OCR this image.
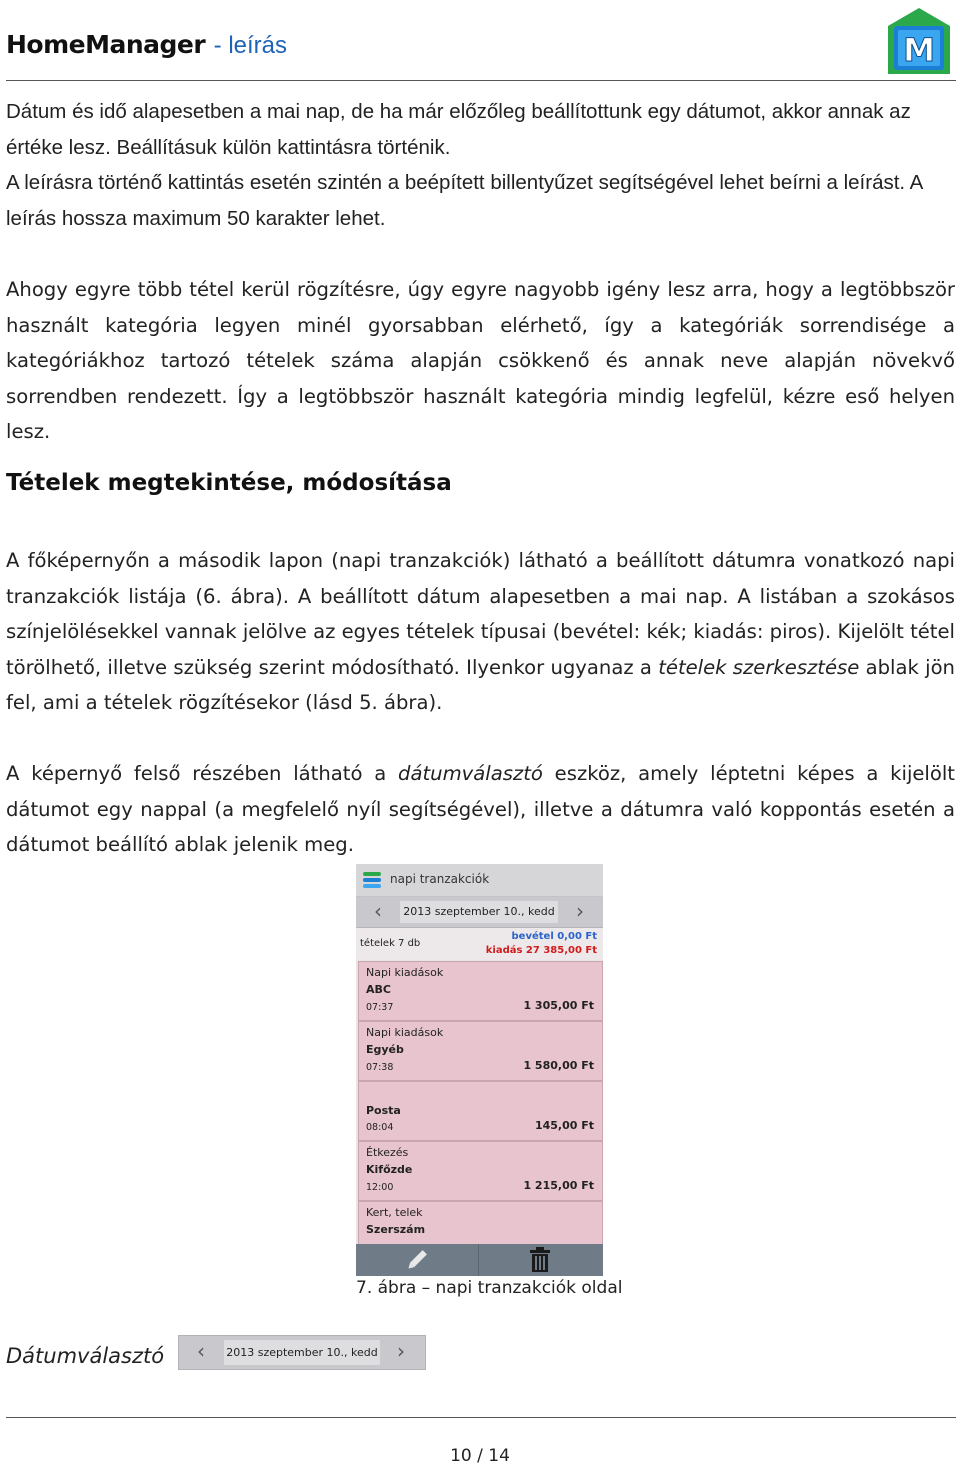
HomeManager - leírás	M
Dátum és idő alapesetben a mai nap, de ha már előzőleg beállítottunk egy dátumot, akkor annak az értéke lesz. Beállításuk külön kattintásra történik.
A leírásra történő kattintás esetén szintén a beépített billentyűzet segítségével lehet beírni a leírást. A leírás hossza maximum 50 karakter lehet.
Ahogy egyre több tétel kerül rögzítésre, úgy egyre nagyobb igény lesz arra, hogy a legtöbbször használt kategória legyen minél gyorsabban elérhető, így a kategóriák sorrendisége a kategóriákhoz tartozó tételek száma alapján csökkenő és annak neve alapján növekvő sorrendben rendezett. Így a legtöbbször használt kategória mindig legfelül, kézre eső helyen lesz.
Tételek megtekintése, módosítása
A főképernyőn a második lapon (napi tranzakciók) látható a beállított dátumra vonatkozó napi tranzakciók listája (6. ábra). A beállított dátum alapesetben a mai nap. A listában a szokásos színjelölésekkel vannak jelölve az egyes tételek típusai (bevétel: kék; kiadás: piros). Kijelölt tétel törölhető, illetve szükség szerint módosítható. Ilyenkor ugyanaz a tételek szerkesztése ablak jön fel, ami a tételek rögzítésekor (lásd 5. ábra).
A képernyő felső részében látható a dátumválasztó eszköz, amely léptetni képes a kijelölt dátumot egy nappal (a megfelelő nyíl segítségével), illetve a dátumra való koppontás esetén a dátumot beállító ablak jelenik meg.
napi tranzakciók
‹	2013 szeptember 10., kedd	›
tételek 7 db
bevétel 0,00 Ft
kiadás 27 385,00 Ft
Napi kiadások
ABC
07:37	1 305,00 Ft
Napi kiadások
Egyéb
07:38	1 580,00 Ft
Posta
08:04	145,00 Ft
Étkezés
Kifőzde
12:00	1 215,00 Ft
Kert, telek
Szerszám
7. ábra – napi tranzakciók oldal
Dátumválasztó	‹	2013 szeptember 10., kedd ›
10 / 14
